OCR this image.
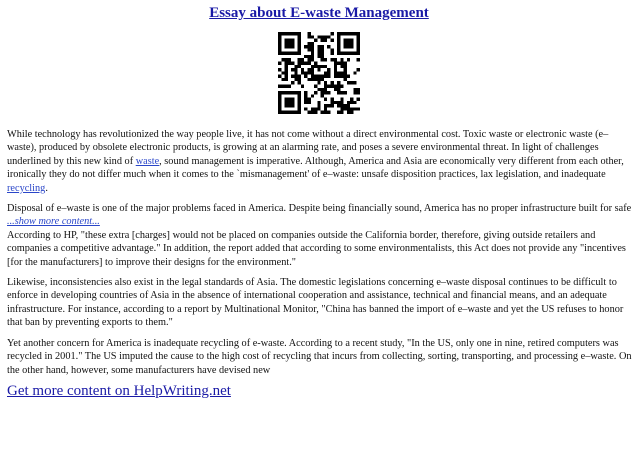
Essay about E-waste Management

While technology has revolutionized the way people live, it has not come without a direct environmental cost. Toxic waste or electronic waste (e–waste), produced by obsolete electronic products, is growing at an alarming rate, and poses a severe environmental threat. In light of challenges underlined by this new kind of waste, sound management is imperative. Although, America and Asia are economically very different from each other, ironically they do not differ much when it comes to the `mismanagement' of e–waste: unsafe disposition practices, lax legislation, and inadequate recycling.

Disposal of e–waste is one of the major problems faced in America. Despite being financially sound, America has no proper infrastructure built for safe
...show more content...

According to HP, "these extra [charges] would not be placed on companies outside the California border, therefore, giving outside retailers and companies a competitive advantage." In addition, the report added that according to some environmentalists, this Act does not provide any "incentives [for the manufacturers] to improve their designs for the environment."

Likewise, inconsistencies also exist in the legal standards of Asia. The domestic legislations concerning e–waste disposal continues to be difficult to enforce in developing countries of Asia in the absence of international cooperation and assistance, technical and financial means, and an adequate infrastructure. For instance, according to a report by Multinational Monitor, "China has banned the import of e–waste and yet the US refuses to honor that ban by preventing exports to them."

Yet another concern for America is inadequate recycling of e-waste. According to a recent study, "In the US, only one in nine, retired computers was recycled in 2001." The US imputed the cause to the high cost of recycling that incurs from collecting, sorting, transporting, and processing e–waste. On the other hand, however, some manufacturers have devised new

Get more content on HelpWriting.net
